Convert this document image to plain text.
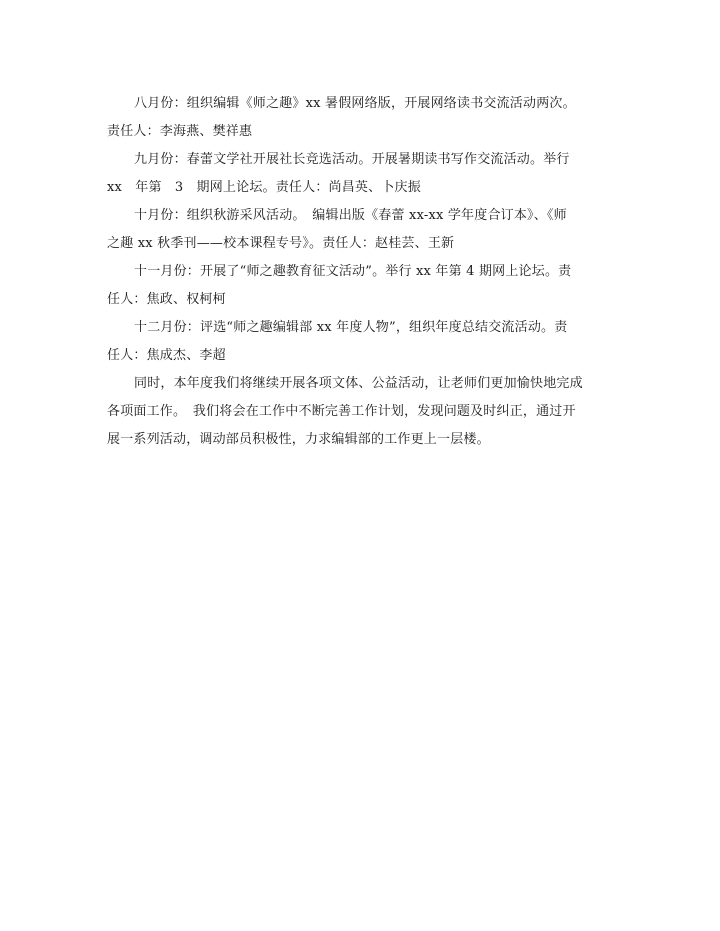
八月份：组织编辑《师之趣》xx 暑假网络版，开展网络读书交流活动两次。
责任人：李海燕、樊祥惠
九月份：春蕾文学社开展社长竞选活动。开展暑期读书写作交流活动。举行
xx　年第　3　期网上论坛。责任人：尚昌英、卜庆振
十月份：组织秋游采风活动。　编辑出版《春蕾 xx-xx 学年度合订本》、《师
之趣 xx 秋季刊——校本课程专号》。责任人：赵桂芸、王新
十一月份：开展了“师之趣教育征文活动”。举行 xx 年第 4 期网上论坛。责
任人：焦政、权柯柯
十二月份：评选“师之趣编辑部 xx 年度人物”，组织年度总结交流活动。责
任人：焦成杰、李超
同时，本年度我们将继续开展各项文体、公益活动，让老师们更加愉快地完成
各项面工作。　我们将会在工作中不断完善工作计划，发现问题及时纠正，通过开
展一系列活动，调动部员积极性，力求编辑部的工作更上一层楼。
